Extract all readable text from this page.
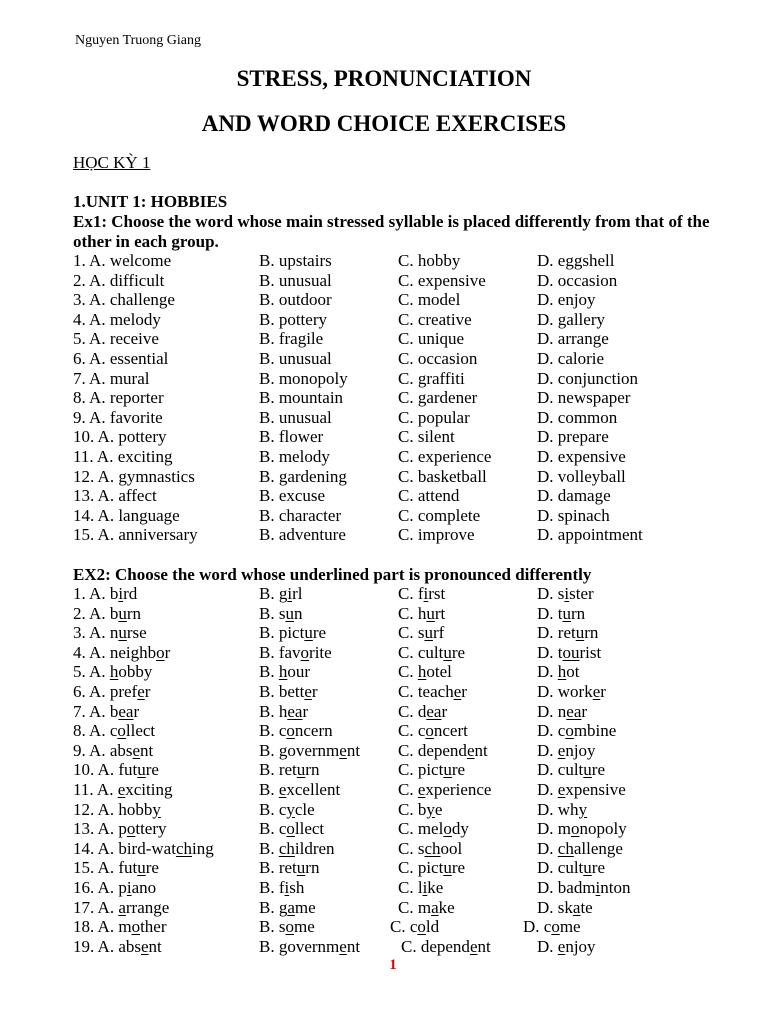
Nguyen Truong Giang
STRESS, PRONUNCIATION
AND WORD CHOICE EXERCISES
HỌC KỲ 1
1.UNIT 1: HOBBIES
Ex1: Choose the word whose main stressed syllable is placed differently from that of the other in each group.
1. A. welcome	B. upstairs	C. hobby	D. eggshell
2. A. difficult	B. unusual	C. expensive	D. occasion
3. A. challenge	B. outdoor	C. model	D. enjoy
4. A. melody	B. pottery	C. creative	D. gallery
5. A. receive	B. fragile	C. unique	D. arrange
6. A. essential	B. unusual	C. occasion	D. calorie
7. A. mural	B. monopoly	C. graffiti	D. conjunction
8. A. reporter	B. mountain	C. gardener	D. newspaper
9. A. favorite	B. unusual	C. popular	D. common
10. A. pottery	B. flower	C. silent	D. prepare
11. A. exciting	B. melody	C. experience	D. expensive
12. A. gymnastics	B. gardening	C. basketball	D. volleyball
13. A. affect	B. excuse	C. attend	D. damage
14. A. language	B. character	C. complete	D. spinach
15. A. anniversary	B. adventure	C. improve	D. appointment
EX2: Choose the word whose underlined part is pronounced differently
1. A. bird	B. girl	C. first	D. sister
2. A. burn	B. sun	C. hurt	D. turn
3. A. nurse	B. picture	C. surf	D. return
4. A. neighbor	B. favorite	C. culture	D. tourist
5. A. hobby	B. hour	C. hotel	D. hot
6. A. prefer	B. better	C. teacher	D. worker
7. A. bear	B. hear	C. dear	D. near
8. A. collect	B. concern	C. concert	D. combine
9. A. absent	B. government C. dependent	D. enjoy
10. A. future	B. return	C. picture	D. culture
11. A. exciting	B. excellent	C. experience	D. expensive
12. A. hobby	B. cycle	C. bye	D. why
13. A. pottery	B. collect	C. melody	D. monopoly
14. A. bird-watching	B. children	C. school	D. challenge
15. A. future	B. return	C. picture	D. culture
16. A. piano	B. fish	C. like	D. badminton
17. A. arrange	B. game	C. make	D. skate
18. A. mother	B. some	C. cold	D. come
19. A. absent	B. government C. dependent	D. enjoy
1
